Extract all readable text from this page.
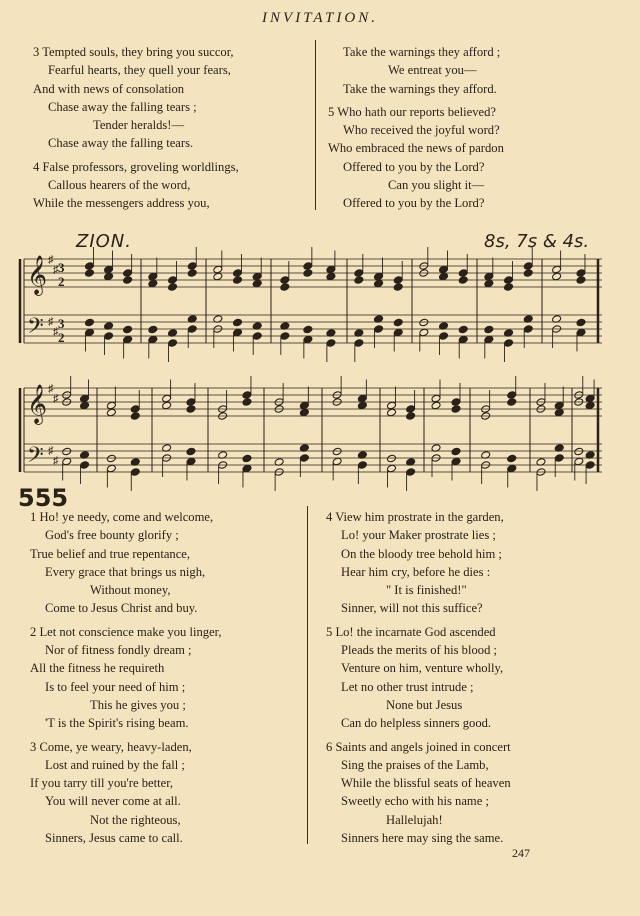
INVITATION.
3 Tempted souls, they bring you succor,
Fearful hearts, they quell your fears,
And with news of consolation
Chase away the falling tears ;
Tender heralds!—
Chase away the falling tears.
4 False professors, groveling worldlings,
Callous hearers of the word,
While the messengers address you,
Take the warnings they afford ;
We entreat you—
Take the warnings they afford.
5 Who hath our reports believed?
Who received the joyful word?
Who embraced the news of pardon
Offered to you by the Lord?
Can you slight it—
Offered to you by the Lord?
ZION.	8s, 7s & 4s.
𝄞
𝄢
♯
♯ 3
2
♯
♯
3
2
𝄞
𝄢
♯
♯
♯
♯
555
1 Ho! ye needy, come and welcome,
God's free bounty glorify ;
True belief and true repentance,
Every grace that brings us nigh,
Without money,
Come to Jesus Christ and buy.
2 Let not conscience make you linger,
Nor of fitness fondly dream ;
All the fitness he requireth
Is to feel your need of him ;
This he gives you ;
'T is the Spirit's rising beam.
3 Come, ye weary, heavy-laden,
Lost and ruined by the fall ;
If you tarry till you're better,
You will never come at all.
Not the righteous,
Sinners, Jesus came to call.
4 View him prostrate in the garden,
Lo! your Maker prostrate lies ;
On the bloody tree behold him ;
Hear him cry, before he dies :
" It is finished!"
Sinner, will not this suffice?
5 Lo! the incarnate God ascended
Pleads the merits of his blood ;
Venture on him, venture wholly,
Let no other trust intrude ;
None but Jesus
Can do helpless sinners good.
6 Saints and angels joined in concert
Sing the praises of the Lamb,
While the blissful seats of heaven
Sweetly echo with his name ;
Hallelujah!
Sinners here may sing the same.
247
